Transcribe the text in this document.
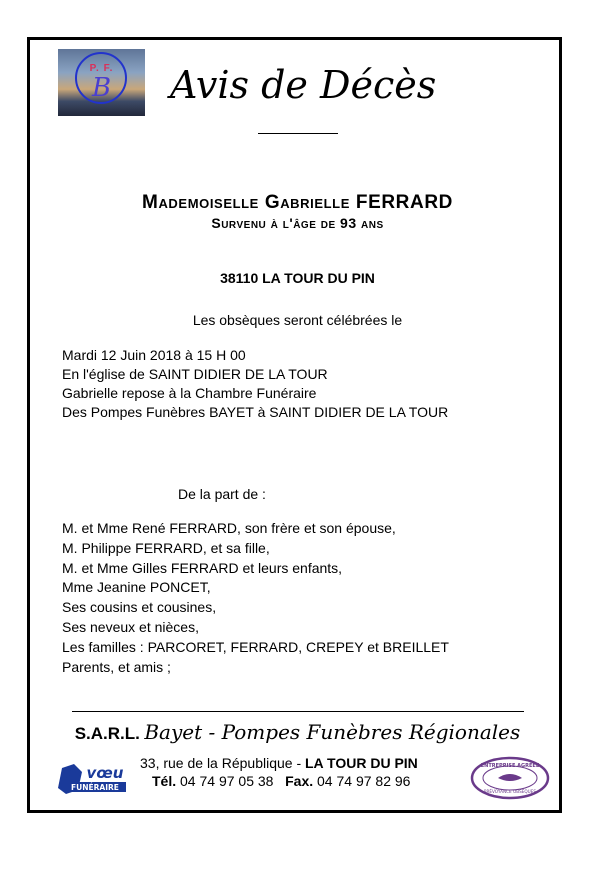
P. F.
B	Avis de Décès
Mademoiselle Gabrielle FERRARD
Survenu à l'âge de 93 ans
38110 LA TOUR DU PIN
Les obsèques seront célébrées le
Mardi 12 Juin 2018 à 15 H 00
En l'église de SAINT DIDIER DE LA TOUR
Gabrielle repose à la Chambre Funéraire
Des Pompes Funèbres BAYET à SAINT DIDIER DE LA TOUR
De la part de :
M. et Mme René FERRARD, son frère et son épouse,
M. Philippe FERRARD, et sa fille,
M. et Mme Gilles FERRARD et leurs enfants,
Mme Jeanine PONCET,
Ses cousins et cousines,
Ses neveux et nièces,
Les familles : PARCORET, FERRARD, CREPEY et BREILLET
Parents, et amis ;
S.A.R.L. Bayet - Pompes Funèbres Régionales
33, rue de la République - LA TOUR DU PIN
Tél. 04 74 97 05 38 Fax. 04 74 97 82 96
le vœu
FUNÉRAIRE
ENTREPRISE AGRÉÉE
PRÉVOYANCE OBSÈQUES
